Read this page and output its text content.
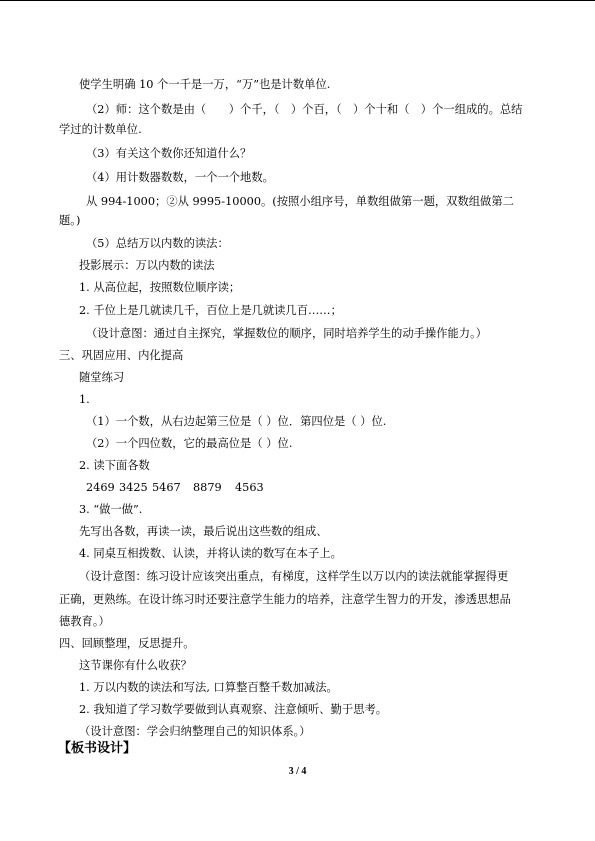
使学生明确 10 个一千是一万，“万”也是计数单位.
（2）师：这个数是由（　　）个千，（　）个百，（　）个十和（　）个一组成的。总结
学过的计数单位.
（3）有关这个数你还知道什么？
（4）用计数器数数，一个一个地数。
从 994-1000；②从 9995-10000。(按照小组序号，单数组做第一题，双数组做第二
题。)
（5）总结万以内数的读法：
投影展示：万以内数的读法
1. 从高位起，按照数位顺序读；
2. 千位上是几就读几千，百位上是几就读几百……；
（设计意图：通过自主探究，掌握数位的顺序，同时培养学生的动手操作能力。）
三、巩固应用、内化提高
随堂练习
1.
（1）一个数，从右边起第三位是（ ）位．第四位是（ ）位.
（2）一个四位数，它的最高位是（ ）位.
2. 读下面各数
2469 3425 5467 8879 4563
3. “做一做”.
先写出各数，再读一读，最后说出这些数的组成、
4. 同桌互相拨数、认读，并将认读的数写在本子上。
（设计意图：练习设计应该突出重点，有梯度，这样学生以万以内的读法就能掌握得更
正确，更熟练。在设计练习时还要注意学生能力的培养，注意学生智力的开发，渗透思想品
德教育。）
四、回顾整理，反思提升。
这节课你有什么收获？
1. 万以内数的读法和写法, 口算整百整千数加减法。
2. 我知道了学习数学要做到认真观察、注意倾听、勤于思考。
（设计意图：学会归纳整理自己的知识体系。）
【板书设计】
3 / 4
